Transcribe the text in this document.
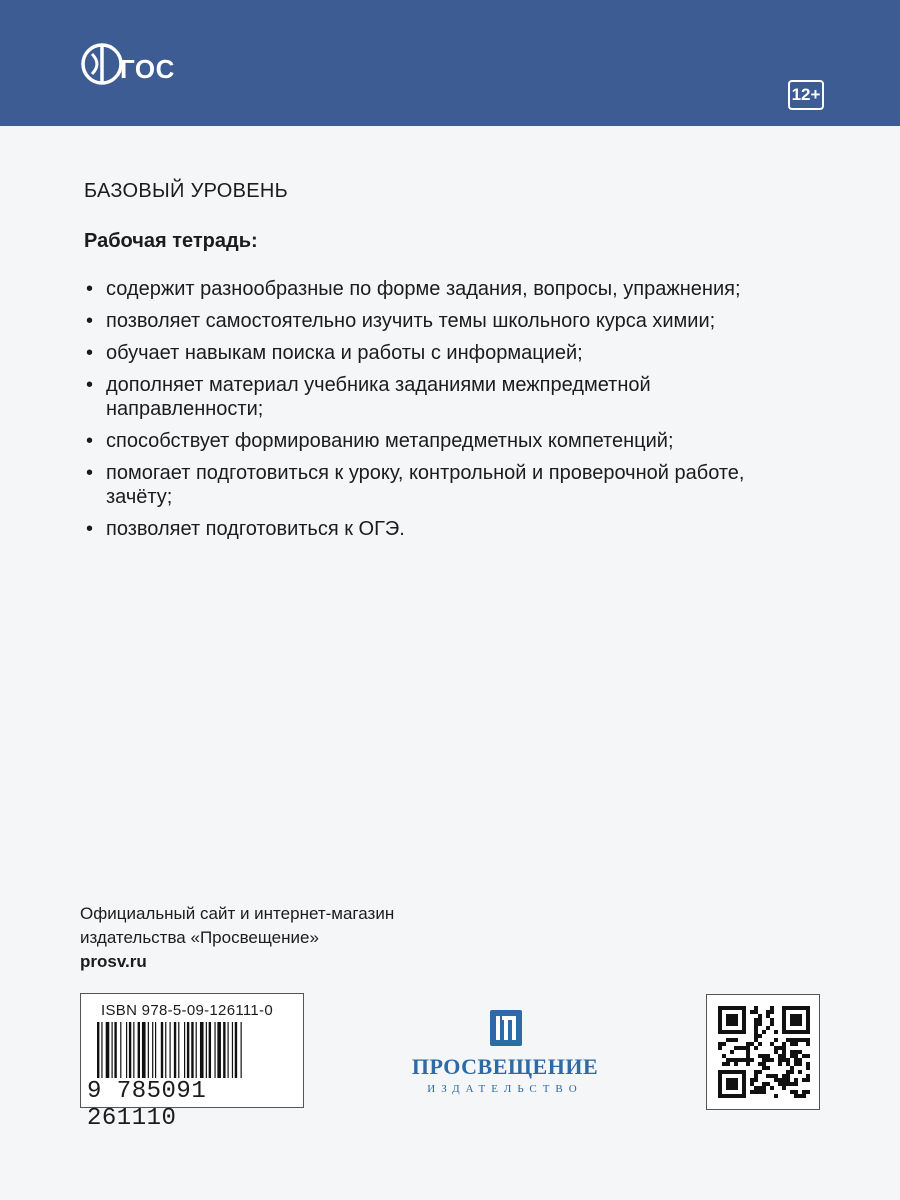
ГОС
12+
БАЗОВЫЙ УРОВЕНЬ
Рабочая тетрадь:
• содержит разнообразные по форме задания, вопросы, упражнения;
• позволяет самостоятельно изучить темы школьного курса химии;
• обучает навыкам поиска и работы с информацией;
• дополняет материал учебника заданиями межпредметной направленности;
• способствует формированию метапредметных компетенций;
• помогает подготовиться к уроку, контрольной и проверочной работе, зачёту;
• позволяет подготовиться к ОГЭ.
Официальный сайт и интернет-магазин
издательства «Просвещение»
prosv.ru
ISBN 978-5-09-126111-0
9 785091 261110
ПРОСВЕЩЕНИЕ
ИЗДАТЕЛЬСТВО
